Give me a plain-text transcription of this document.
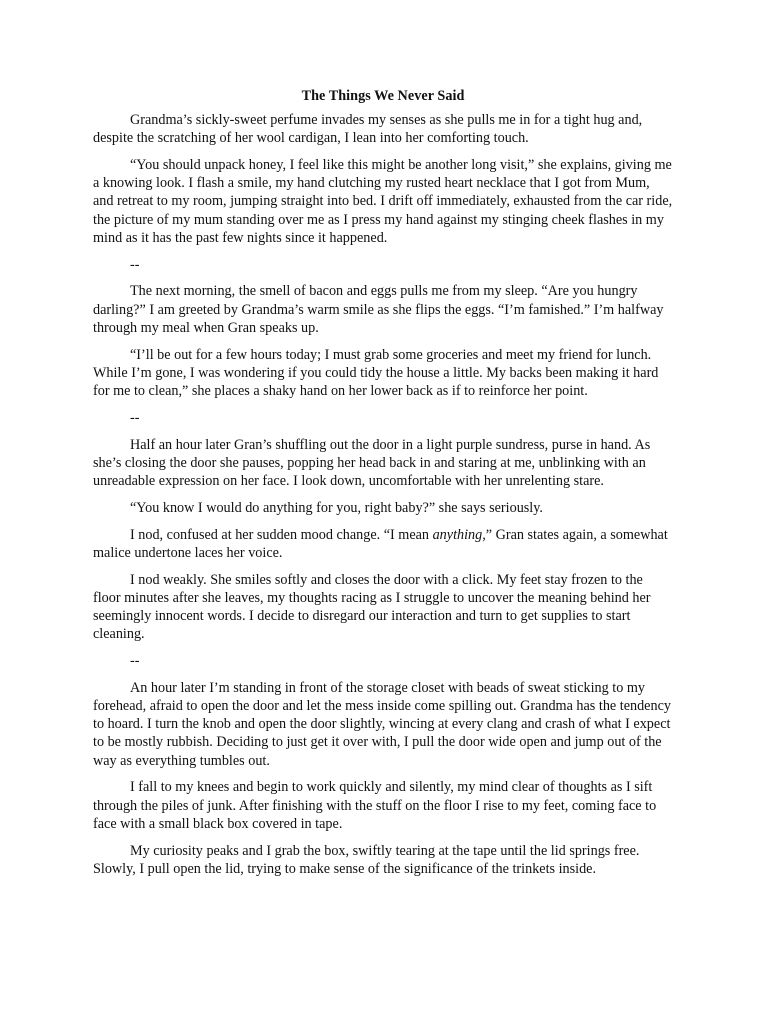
The Things We Never Said

Grandma’s sickly-sweet perfume invades my senses as she pulls me in for a tight hug and, despite the scratching of her wool cardigan, I lean into her comforting touch.

“You should unpack honey, I feel like this might be another long visit,” she explains, giving me a knowing look. I flash a smile, my hand clutching my rusted heart necklace that I got from Mum, and retreat to my room, jumping straight into bed. I drift off immediately, exhausted from the car ride, the picture of my mum standing over me as I press my hand against my stinging cheek flashes in my mind as it has the past few nights since it happened.

--

The next morning, the smell of bacon and eggs pulls me from my sleep. “Are you hungry darling?” I am greeted by Grandma’s warm smile as she flips the eggs. “I’m famished.” I’m halfway through my meal when Gran speaks up.

“I’ll be out for a few hours today; I must grab some groceries and meet my friend for lunch. While I’m gone, I was wondering if you could tidy the house a little. My backs been making it hard for me to clean,” she places a shaky hand on her lower back as if to reinforce her point.

--

Half an hour later Gran’s shuffling out the door in a light purple sundress, purse in hand. As she’s closing the door she pauses, popping her head back in and staring at me, unblinking with an unreadable expression on her face. I look down, uncomfortable with her unrelenting stare.

“You know I would do anything for you, right baby?” she says seriously.

I nod, confused at her sudden mood change. “I mean anything,” Gran states again, a somewhat malice undertone laces her voice.

I nod weakly. She smiles softly and closes the door with a click. My feet stay frozen to the floor minutes after she leaves, my thoughts racing as I struggle to uncover the meaning behind her seemingly innocent words. I decide to disregard our interaction and turn to get supplies to start cleaning.

--

An hour later I’m standing in front of the storage closet with beads of sweat sticking to my forehead, afraid to open the door and let the mess inside come spilling out. Grandma has the tendency to hoard. I turn the knob and open the door slightly, wincing at every clang and crash of what I expect to be mostly rubbish. Deciding to just get it over with, I pull the door wide open and jump out of the way as everything tumbles out.

I fall to my knees and begin to work quickly and silently, my mind clear of thoughts as I sift through the piles of junk. After finishing with the stuff on the floor I rise to my feet, coming face to face with a small black box covered in tape.

My curiosity peaks and I grab the box, swiftly tearing at the tape until the lid springs free. Slowly, I pull open the lid, trying to make sense of the significance of the trinkets inside.
